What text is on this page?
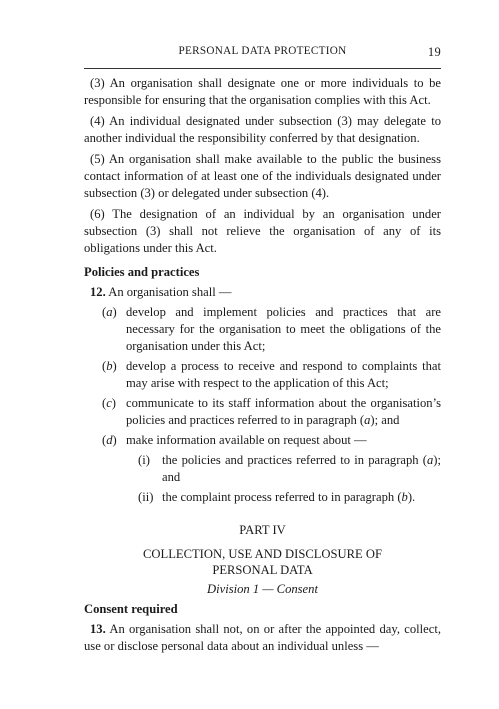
PERSONAL DATA PROTECTION	19

(3) An organisation shall designate one or more individuals to be responsible for ensuring that the organisation complies with this Act.

(4) An individual designated under subsection (3) may delegate to another individual the responsibility conferred by that designation.

(5) An organisation shall make available to the public the business contact information of at least one of the individuals designated under subsection (3) or delegated under subsection (4).

(6) The designation of an individual by an organisation under subsection (3) shall not relieve the organisation of any of its obligations under this Act.

Policies and practices

12. An organisation shall —

(a) develop and implement policies and practices that are necessary for the organisation to meet the obligations of the organisation under this Act;

(b) develop a process to receive and respond to complaints that may arise with respect to the application of this Act;

(c) communicate to its staff information about the organisation’s policies and practices referred to in paragraph (a); and

(d) make information available on request about —

(i) the policies and practices referred to in paragraph (a); and

(ii) the complaint process referred to in paragraph (b).

PART IV

COLLECTION, USE AND DISCLOSURE OF
PERSONAL DATA

Division 1 — Consent

Consent required

13. An organisation shall not, on or after the appointed day, collect, use or disclose personal data about an individual unless —
